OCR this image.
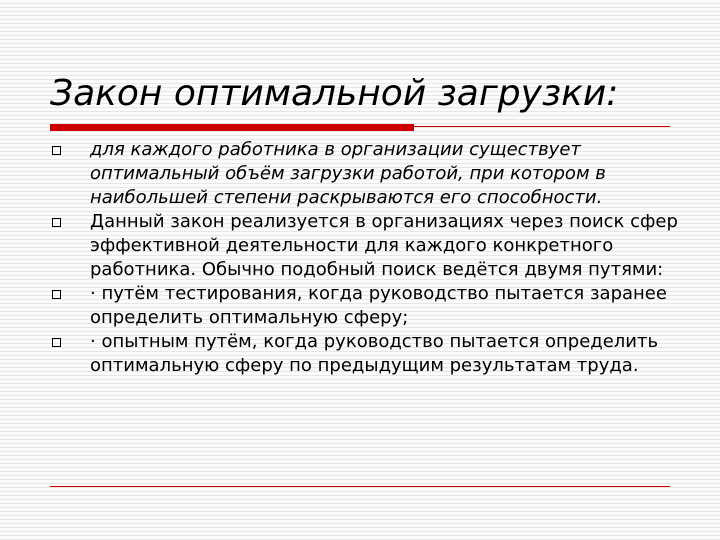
Закон оптимальной загрузки:
для каждого работника в организации существует оптимальный объём загрузки работой, при котором в наибольшей степени раскрываются его способности.
Данный закон реализуется в организациях через поиск сфер эффективной деятельности для каждого конкретного работника. Обычно подобный поиск ведётся двумя путями:
· путём тестирования, когда руководство пытается заранее определить оптимальную сферу;
· опытным путём, когда руководство пытается определить оптимальную сферу по предыдущим результатам труда.
